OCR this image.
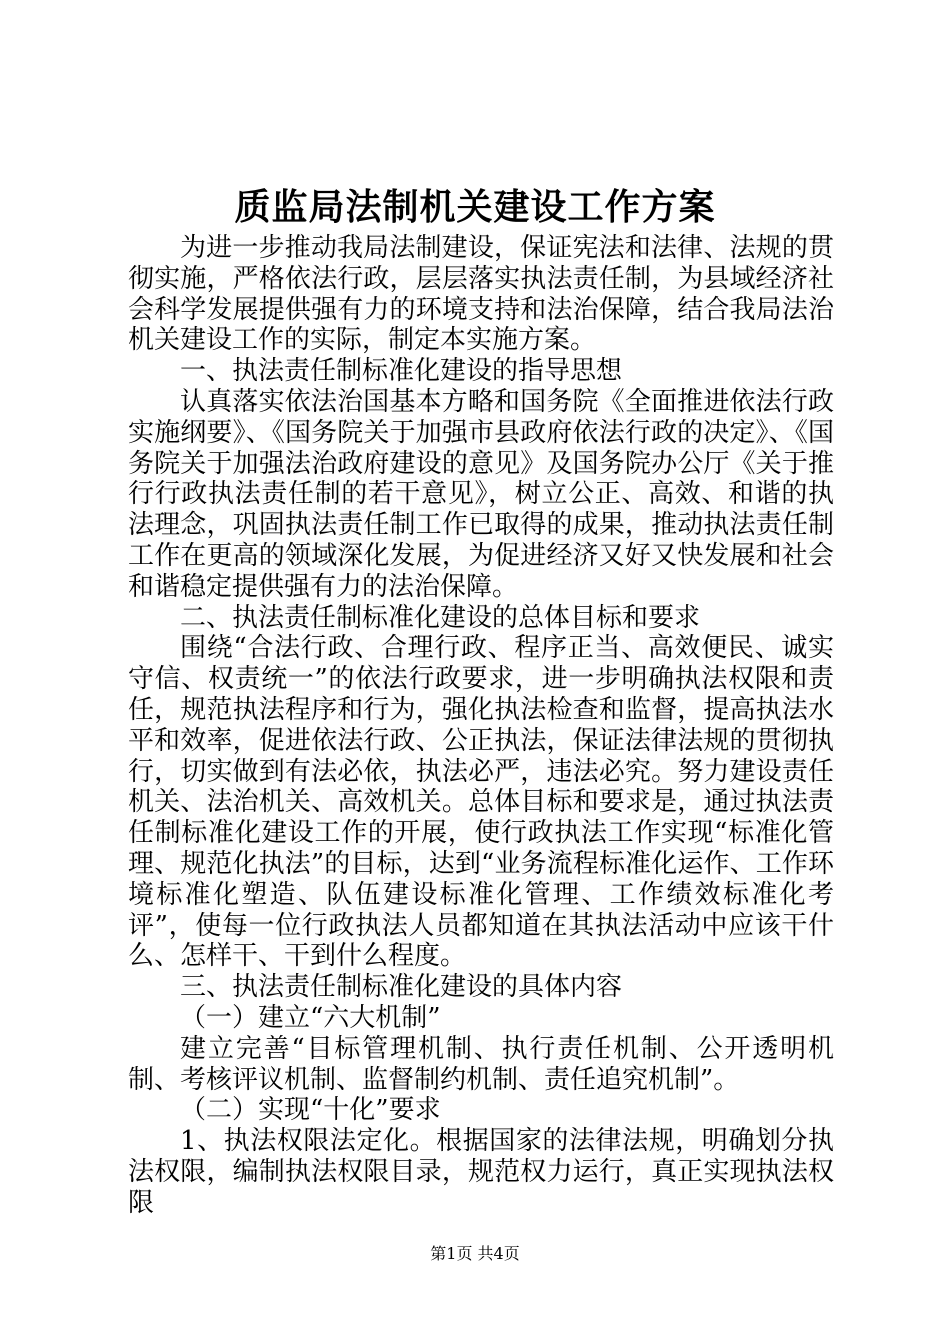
质监局法制机关建设工作方案

为进一步推动我局法制建设，保证宪法和法律、法规的贯彻实施，严格依法行政，层层落实执法责任制，为县域经济社会科学发展提供强有力的环境支持和法治保障，结合我局法治机关建设工作的实际，制定本实施方案。

一、执法责任制标准化建设的指导思想

认真落实依法治国基本方略和国务院《全面推进依法行政实施纲要》、《国务院关于加强市县政府依法行政的决定》、《国务院关于加强法治政府建设的意见》及国务院办公厅《关于推行行政执法责任制的若干意见》，树立公正、高效、和谐的执法理念，巩固执法责任制工作已取得的成果，推动执法责任制工作在更高的领域深化发展，为促进经济又好又快发展和社会和谐稳定提供强有力的法治保障。

二、执法责任制标准化建设的总体目标和要求

围绕“合法行政、合理行政、程序正当、高效便民、诚实守信、权责统一”的依法行政要求，进一步明确执法权限和责任，规范执法程序和行为，强化执法检查和监督，提高执法水平和效率，促进依法行政、公正执法，保证法律法规的贯彻执行，切实做到有法必依，执法必严，违法必究。努力建设责任机关、法治机关、高效机关。总体目标和要求是，通过执法责任制标准化建设工作的开展，使行政执法工作实现“标准化管理、规范化执法”的目标，达到“业务流程标准化运作、工作环境标准化塑造、队伍建设标准化管理、工作绩效标准化考评”，使每一位行政执法人员都知道在其执法活动中应该干什么、怎样干、干到什么程度。

三、执法责任制标准化建设的具体内容

（一）建立“六大机制”

建立完善“目标管理机制、执行责任机制、公开透明机制、考核评议机制、监督制约机制、责任追究机制”。

（二）实现“十化”要求

1、执法权限法定化。根据国家的法律法规，明确划分执法权限，编制执法权限目录，规范权力运行，真正实现执法权限

第1页 共4页
